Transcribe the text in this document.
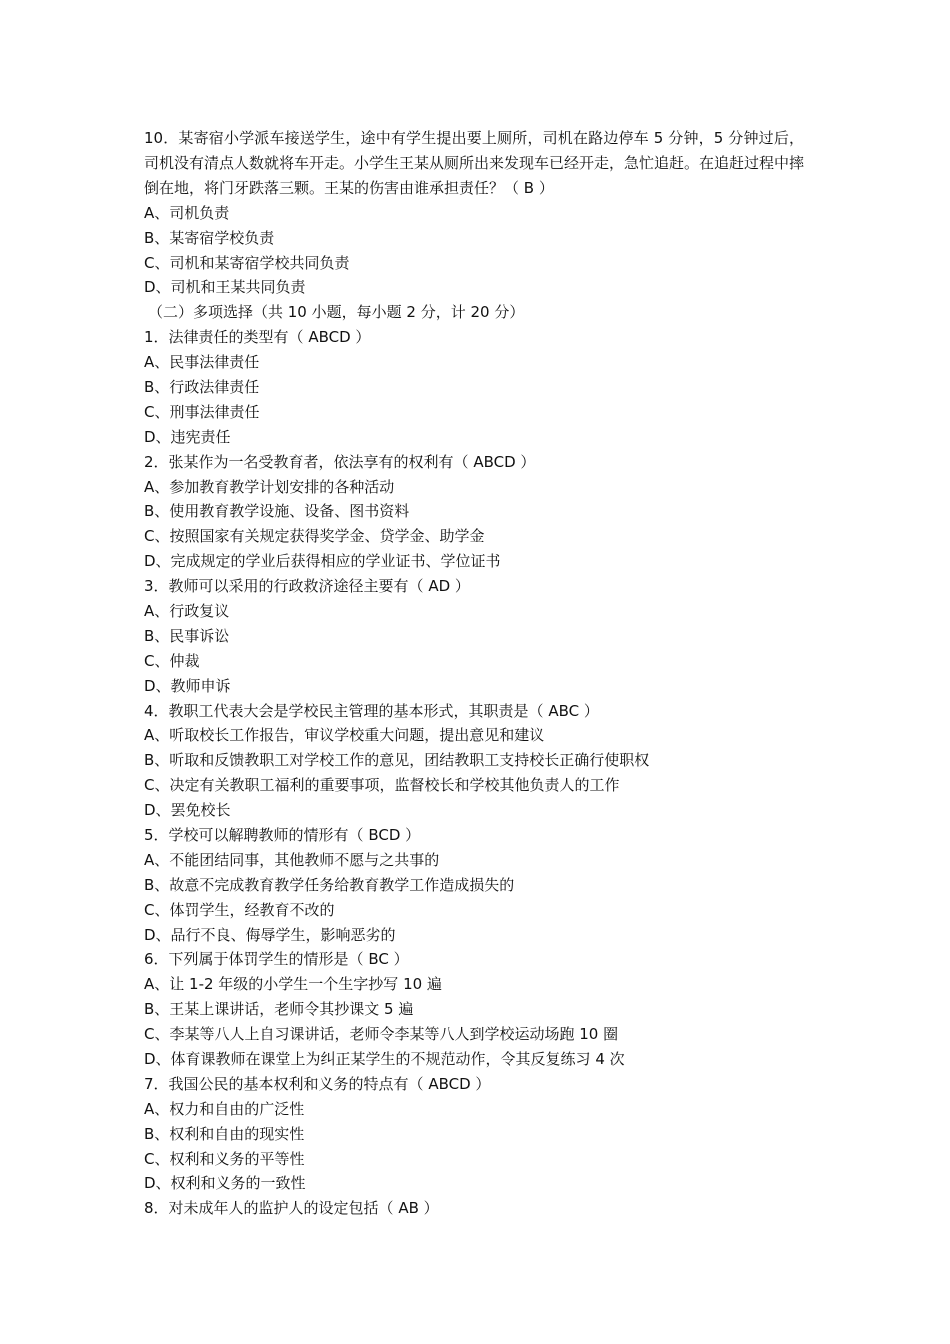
10．某寄宿小学派车接送学生，途中有学生提出要上厕所，司机在路边停车 5 分钟，5 分钟过后，司机没有清点人数就将车开走。小学生王某从厕所出来发现车已经开走，急忙追赶。在追赶过程中摔倒在地，将门牙跌落三颗。王某的伤害由谁承担责任？（ B ）
A、司机负责
B、某寄宿学校负责
C、司机和某寄宿学校共同负责
D、司机和王某共同负责
（二）多项选择（共 10 小题，每小题 2 分，计 20 分）
1．法律责任的类型有（ ABCD ）
A、民事法律责任
B、行政法律责任
C、刑事法律责任
D、违宪责任
2．张某作为一名受教育者，依法享有的权利有（ ABCD ）
A、参加教育教学计划安排的各种活动
B、使用教育教学设施、设备、图书资料
C、按照国家有关规定获得奖学金、贷学金、助学金
D、完成规定的学业后获得相应的学业证书、学位证书
3．教师可以采用的行政救济途径主要有（ AD ）
A、行政复议
B、民事诉讼
C、仲裁
D、教师申诉
4．教职工代表大会是学校民主管理的基本形式，其职责是（ ABC ）
A、听取校长工作报告，审议学校重大问题，提出意见和建议
B、听取和反馈教职工对学校工作的意见，团结教职工支持校长正确行使职权
C、决定有关教职工福利的重要事项，监督校长和学校其他负责人的工作
D、罢免校长
5．学校可以解聘教师的情形有（ BCD ）
A、不能团结同事，其他教师不愿与之共事的
B、故意不完成教育教学任务给教育教学工作造成损失的
C、体罚学生，经教育不改的
D、品行不良、侮辱学生，影响恶劣的
6．下列属于体罚学生的情形是（ BC ）
A、让 1-2 年级的小学生一个生字抄写 10 遍
B、王某上课讲话，老师令其抄课文 5 遍
C、李某等八人上自习课讲话，老师令李某等八人到学校运动场跑 10 圈
D、体育课教师在课堂上为纠正某学生的不规范动作，令其反复练习 4 次
7．我国公民的基本权利和义务的特点有（ ABCD ）
A、权力和自由的广泛性
B、权利和自由的现实性
C、权利和义务的平等性
D、权利和义务的一致性
8．对未成年人的监护人的设定包括（ AB ）
